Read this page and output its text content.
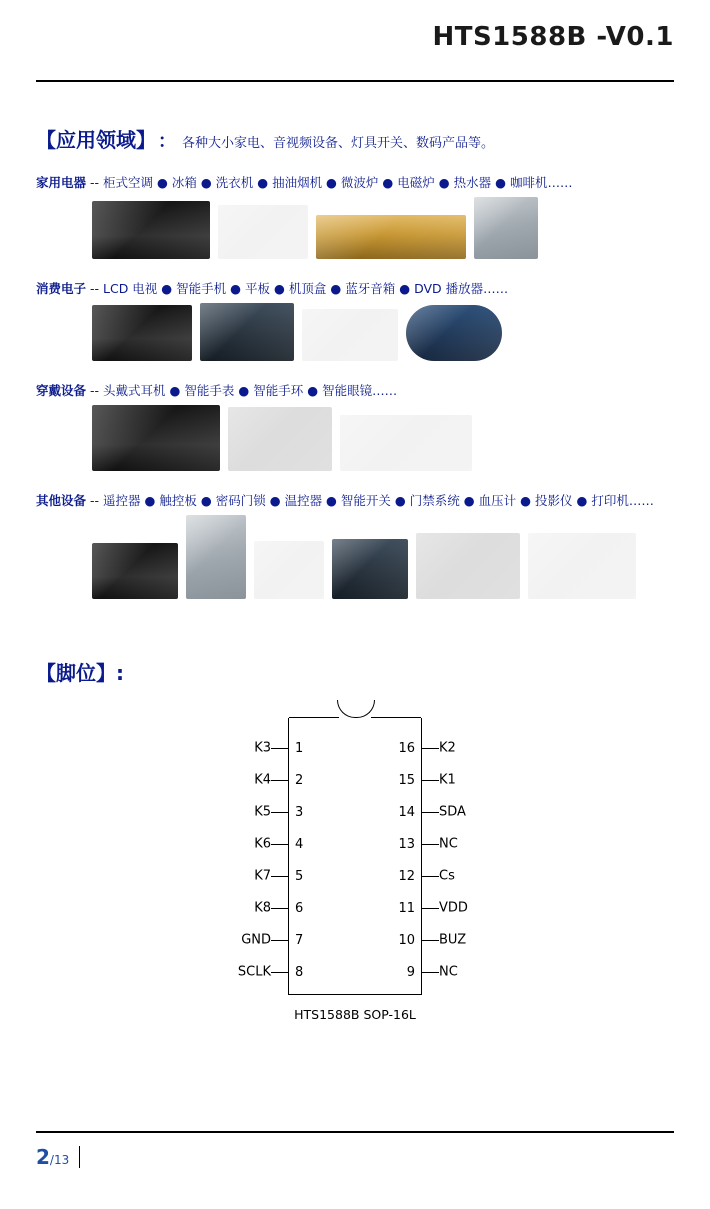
HTS1588B -V0.1
【应用领域】 ： 各种大小家电、音视频设备、灯具开关、数码产品等。
家用电器 -- 柜式空调 ● 冰箱 ● 洗衣机 ● 抽油烟机 ● 微波炉 ● 电磁炉 ● 热水器 ● 咖啡机……
消费电子 -- LCD 电视 ● 智能手机 ● 平板 ● 机顶盒 ● 蓝牙音箱 ● DVD 播放器……
穿戴设备 -- 头戴式耳机 ● 智能手表 ● 智能手环 ● 智能眼镜……
其他设备 -- 遥控器 ● 触控板 ● 密码门锁 ● 温控器 ● 智能开关 ● 门禁系统 ● 血压计 ● 投影仪 ● 打印机……
【脚位】:
K3 1	16 K2
K4 2	15 K1
K5 3	14 SDA
K6 4	13 NC
K7 5	12 Cs
K8 6	11 VDD
GND 7	10 BUZ
SCLK 8	9 NC
HTS1588B SOP-16L
2 /13
